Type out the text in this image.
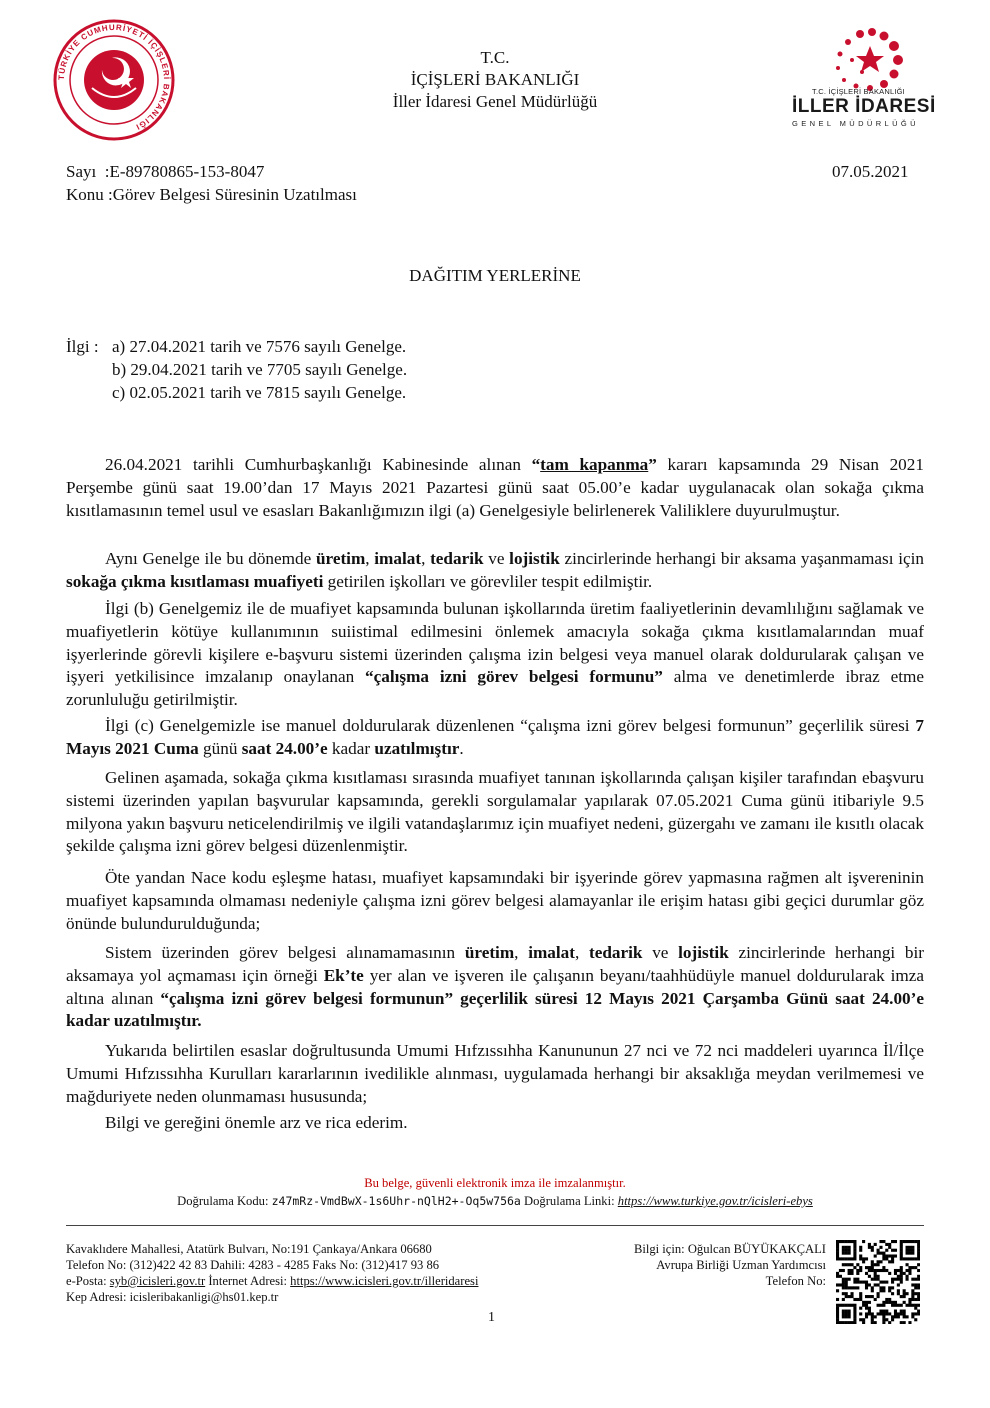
TÜRKİYE CUMHURİYETİ İÇİŞLERİ BAKANLIĞI
T.C.
İÇİŞLERİ BAKANLIĞI
İller İdaresi Genel Müdürlüğü
T.C. İÇİŞLERİ BAKANLIĞI
İLLER İDARESİ
GENEL MÜDÜRLÜĞÜ
Sayı :E-89780865-153-8047	07.05.2021
Konu :Görev Belgesi Süresinin Uzatılması
DAĞITIM YERLERİNE
İlgi : a) 27.04.2021 tarih ve 7576 sayılı Genelge.
b) 29.04.2021 tarih ve 7705 sayılı Genelge.
c) 02.05.2021 tarih ve 7815 sayılı Genelge.
26.04.2021 tarihli Cumhurbaşkanlığı Kabinesinde alınan “tam kapanma” kararı kapsamında 29 Nisan 2021 Perşembe günü saat 19.00’dan 17 Mayıs 2021 Pazartesi günü saat 05.00’e kadar uygulanacak olan sokağa çıkma kısıtlamasının temel usul ve esasları Bakanlığımızın ilgi (a) Genelgesiyle belirlenerek Valiliklere duyurulmuştur.
Aynı Genelge ile bu dönemde üretim, imalat, tedarik ve lojistik zincirlerinde herhangi bir aksama yaşanmaması için sokağa çıkma kısıtlaması muafiyeti getirilen işkolları ve görevliler tespit edilmiştir.
İlgi (b) Genelgemiz ile de muafiyet kapsamında bulunan işkollarında üretim faaliyetlerinin devamlılığını sağlamak ve muafiyetlerin kötüye kullanımının suiistimal edilmesini önlemek amacıyla sokağa çıkma kısıtlamalarından muaf işyerlerinde görevli kişilere e-başvuru sistemi üzerinden çalışma izin belgesi veya manuel olarak doldurularak çalışan ve işyeri yetkilisince imzalanıp onaylanan “çalışma izni görev belgesi formunu” alma ve denetimlerde ibraz etme zorunluluğu getirilmiştir.
İlgi (c) Genelgemizle ise manuel doldurularak düzenlenen “çalışma izni görev belgesi formunun” geçerlilik süresi 7 Mayıs 2021 Cuma günü saat 24.00’e kadar uzatılmıştır.
Gelinen aşamada, sokağa çıkma kısıtlaması sırasında muafiyet tanınan işkollarında çalışan kişiler tarafından ebaşvuru sistemi üzerinden yapılan başvurular kapsamında, gerekli sorgulamalar yapılarak 07.05.2021 Cuma günü itibariyle 9.5 milyona yakın başvuru neticelendirilmiş ve ilgili vatandaşlarımız için muafiyet nedeni, güzergahı ve zamanı ile kısıtlı olacak şekilde çalışma izni görev belgesi düzenlenmiştir.
Öte yandan Nace kodu eşleşme hatası, muafiyet kapsamındaki bir işyerinde görev yapmasına rağmen alt işvereninin muafiyet kapsamında olmaması nedeniyle çalışma izni görev belgesi alamayanlar ile erişim hatası gibi geçici durumlar göz önünde bulundurulduğunda;
Sistem üzerinden görev belgesi alınamamasının üretim, imalat, tedarik ve lojistik zincirlerinde herhangi bir aksamaya yol açmaması için örneği Ek’te yer alan ve işveren ile çalışanın beyanı/taahhüdüyle manuel doldurularak imza altına alınan “çalışma izni görev belgesi formunun” geçerlilik süresi 12 Mayıs 2021 Çarşamba Günü saat 24.00’e kadar uzatılmıştır.
Yukarıda belirtilen esaslar doğrultusunda Umumi Hıfzıssıhha Kanununun 27 nci ve 72 nci maddeleri uyarınca İl/İlçe Umumi Hıfzıssıhha Kurulları kararlarının ivedilikle alınması, uygulamada herhangi bir aksaklığa meydan verilmemesi ve mağduriyete neden olunmaması hususunda;
Bilgi ve gereğini önemle arz ve rica ederim.
Bu belge, güvenli elektronik imza ile imzalanmıştır.
Doğrulama Kodu: z47mRz-VmdBwX-1s6Uhr-nQlH2+-Oq5w756a Doğrulama Linki: https://www.turkiye.gov.tr/icisleri-ebys
Kavaklıdere Mahallesi, Atatürk Bulvarı, No:191 Çankaya/Ankara 06680
Telefon No: (312)422 42 83 Dahili: 4283 - 4285 Faks No: (312)417 93 86
e-Posta: syb@icisleri.gov.tr İnternet Adresi: https://www.icisleri.gov.tr/illeridaresi
Kep Adresi: icisleribakanligi@hs01.kep.tr
Bilgi için: Oğulcan BÜYÜKAKÇALI
Avrupa Birliği Uzman Yardımcısı
Telefon No:
1
